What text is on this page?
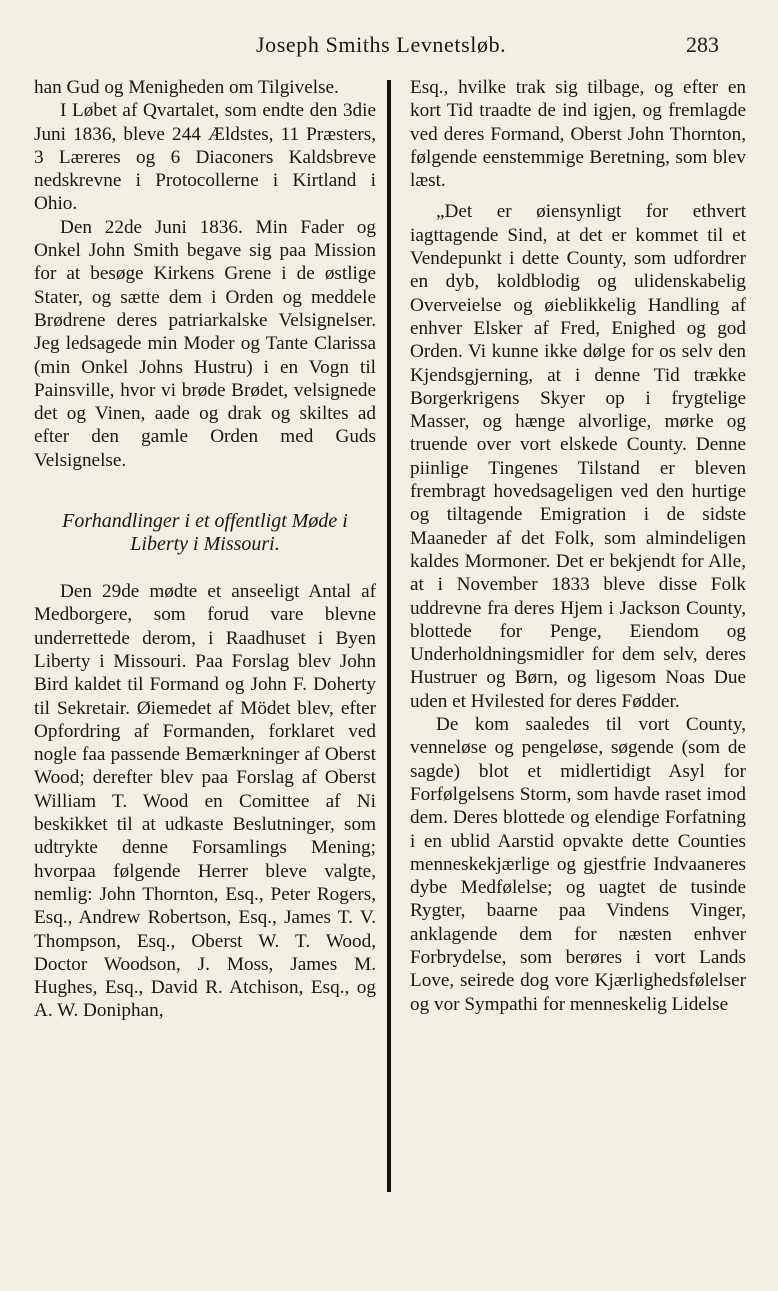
Joseph Smiths Levnetsløb.	283

han Gud og Menigheden om Tilgivelse.

I Løbet af Qvartalet, som endte den 3die Juni 1836, bleve 244 Ældstes, 11 Præsters, 3 Læreres og 6 Diaconers Kaldsbreve nedskrevne i Protocollerne i Kirtland i Ohio.

Den 22de Juni 1836. Min Fader og Onkel John Smith begave sig paa Mission for at besøge Kirkens Grene i de østlige Stater, og sætte dem i Orden og meddele Brødrene deres patriarkalske Velsignelser. Jeg ledsagede min Moder og Tante Clarissa (min Onkel Johns Hustru) i en Vogn til Painsville, hvor vi brøde Brødet, velsignede det og Vinen, aade og drak og skiltes ad efter den gamle Orden med Guds Velsignelse.

Forhandlinger i et offentligt Møde i Liberty i Missouri.

Den 29de mødte et anseeligt Antal af Medborgere, som forud vare blevne underrettede derom, i Raadhuset i Byen Liberty i Missouri. Paa Forslag blev John Bird kaldet til Formand og John F. Doherty til Sekretair. Øiemedet af Mödet blev, efter Opfordring af Formanden, forklaret ved nogle faa passende Bemærkninger af Oberst Wood; derefter blev paa Forslag af Oberst William T. Wood en Comittee af Ni beskikket til at udkaste Beslutninger, som udtrykte denne Forsamlings Mening; hvorpaa følgende Herrer bleve valgte, nemlig: John Thornton, Esq., Peter Rogers, Esq., Andrew Robertson, Esq., James T. V. Thompson, Esq., Oberst W. T. Wood, Doctor Woodson, J. Moss, James M. Hughes, Esq., David R. Atchison, Esq., og A. W. Doniphan,

Esq., hvilke trak sig tilbage, og efter en kort Tid traadte de ind igjen, og fremlagde ved deres Formand, Oberst John Thornton, følgende eenstemmige Beretning, som blev læst.

„Det er øiensynligt for ethvert iagttagende Sind, at det er kommet til et Vendepunkt i dette County, som udfordrer en dyb, koldblodig og ulidenskabelig Overveielse og øieblikkelig Handling af enhver Elsker af Fred, Enighed og god Orden. Vi kunne ikke dølge for os selv den Kjendsgjerning, at i denne Tid trække Borgerkrigens Skyer op i frygtelige Masser, og hænge alvorlige, mørke og truende over vort elskede County. Denne piinlige Tingenes Tilstand er bleven frembragt hovedsageligen ved den hurtige og tiltagende Emigration i de sidste Maaneder af det Folk, som almindeligen kaldes Mormoner. Det er bekjendt for Alle, at i November 1833 bleve disse Folk uddrevne fra deres Hjem i Jackson County, blottede for Penge, Eiendom og Underholdningsmidler for dem selv, deres Hustruer og Børn, og ligesom Noas Due uden et Hvilested for deres Fødder.

De kom saaledes til vort County, venneløse og pengeløse, søgende (som de sagde) blot et midlertidigt Asyl for Forfølgelsens Storm, som havde raset imod dem. Deres blottede og elendige Forfatning i en ublid Aarstid opvakte dette Counties menneskekjærlige og gjestfrie Indvaaneres dybe Medfølelse; og uagtet de tusinde Rygter, baarne paa Vindens Vinger, anklagende dem for næsten enhver Forbrydelse, som berøres i vort Lands Love, seirede dog vore Kjærlighedsfølelser og vor Sympathi for menneskelig Lidelse
